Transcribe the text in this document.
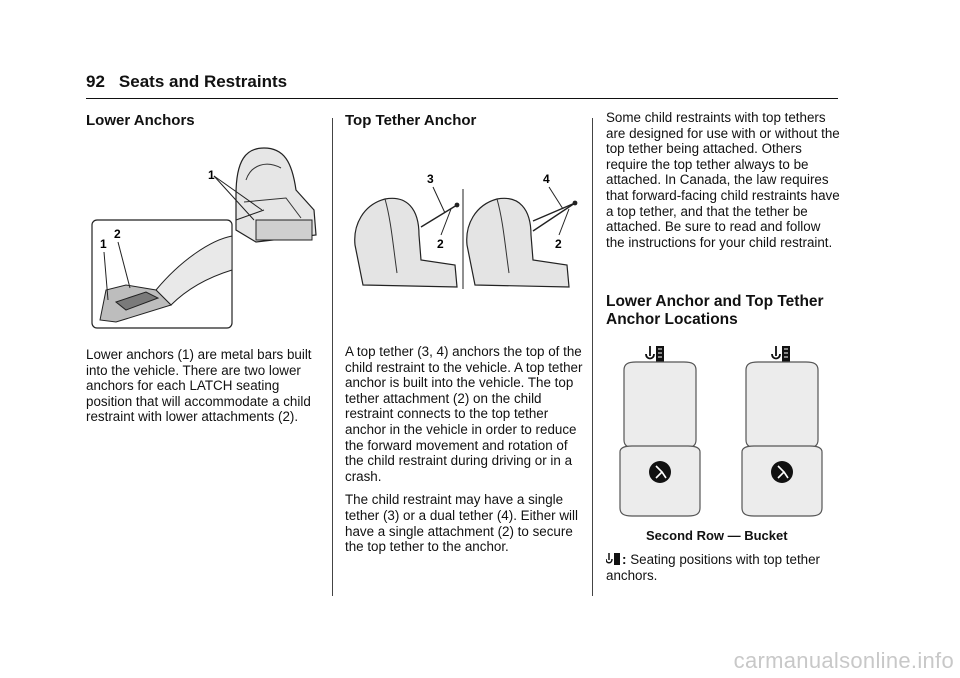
92 Seats and Restraints
Lower Anchors
1
2
1
Lower anchors (1) are metal bars built into the vehicle. There are two lower anchors for each LATCH seating position that will accommodate a child restraint with lower attachments (2).
Top Tether Anchor
3
2
4
2

A top tether (3, 4) anchors the top of the child restraint to the vehicle. A top tether anchor is built into the vehicle. The top tether attachment (2) on the child restraint connects to the top tether anchor in the vehicle in order to reduce the forward movement and rotation of the child restraint during driving or in a crash.

The child restraint may have a single tether (3) or a dual tether (4). Either will have a single attachment (2) to secure the top tether to the anchor.

Some child restraints with top tethers are designed for use with or without the top tether being attached. Others require the top tether always to be attached. In Canada, the law requires that forward-facing child restraints have a top tether, and that the tether be attached. Be sure to read and follow the instructions for your child restraint.
Lower Anchor and Top Tether Anchor Locations
Second Row — Bucket
: Seating positions with top tether anchors.
carmanualsonline.info
